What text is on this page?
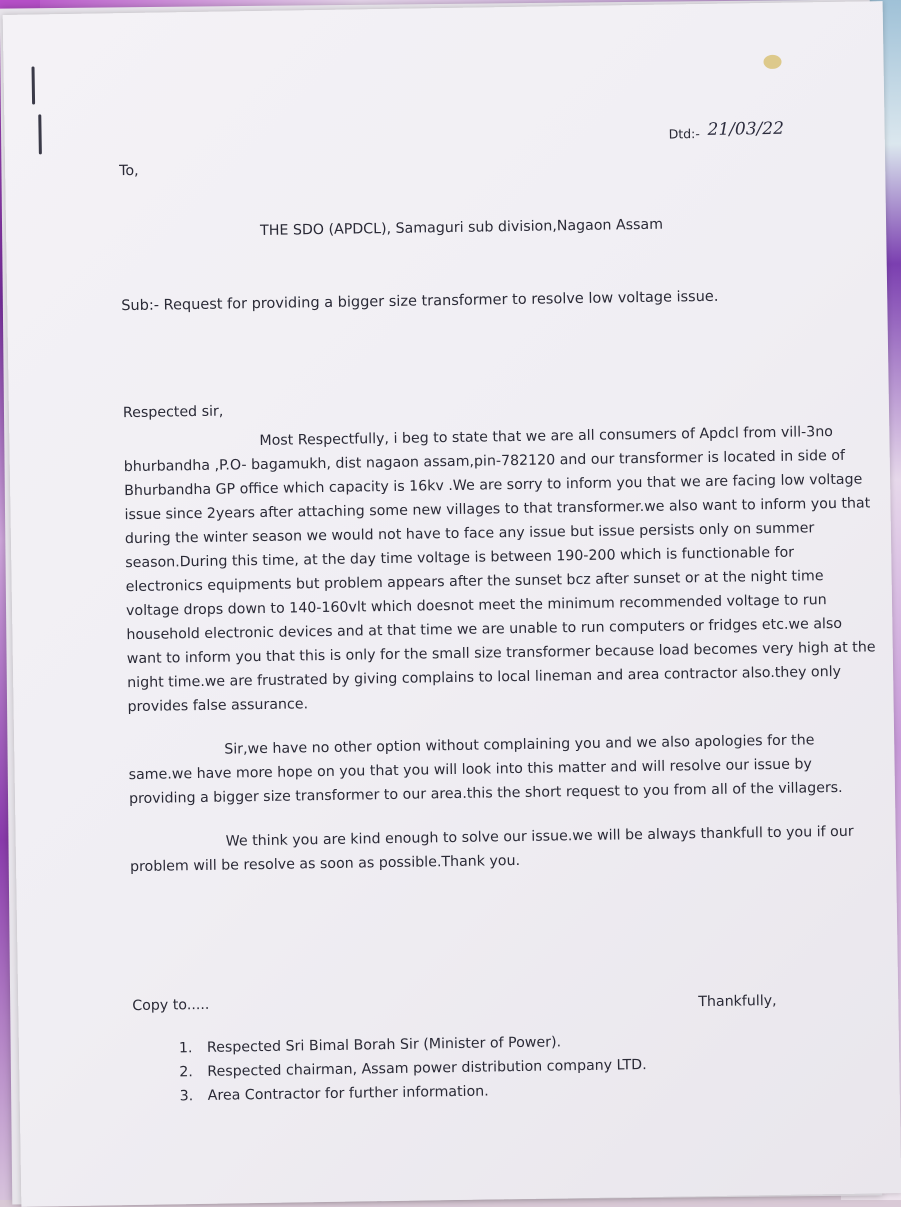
Dtd:- 21/03/22
To,
THE SDO (APDCL), Samaguri sub division,Nagaon Assam
Sub:- Request for providing a bigger size transformer to resolve low voltage issue.
Respected sir,
Most Respectfully, i beg to state that we are all consumers of Apdcl from vill-3no
bhurbandha ,P.O- bagamukh, dist nagaon assam,pin-782120 and our transformer is located in side of
Bhurbandha GP office which capacity is 16kv .We are sorry to inform you that we are facing low voltage
issue since 2years after attaching some new villages to that transformer.we also want to inform you that
during the winter season we would not have to face any issue but issue persists only on summer
season.During this time, at the day time voltage is between 190-200 which is functionable for
electronics equipments but problem appears after the sunset bcz after sunset or at the night time
voltage drops down to 140-160vlt which doesnot meet the minimum recommended voltage to run
household electronic devices and at that time we are unable to run computers or fridges etc.we also
want to inform you that this is only for the small size transformer because load becomes very high at the
night time.we are frustrated by giving complains to local lineman and area contractor also.they only
provides false assurance.
Sir,we have no other option without complaining you and we also apologies for the
same.we have more hope on you that you will look into this matter and will resolve our issue by
providing a bigger size transformer to our area.this the short request to you from all of the villagers.
We think you are kind enough to solve our issue.we will be always thankfull to you if our
problem will be resolve as soon as possible.Thank you.
Copy to.....	Thankfully,
1. Respected Sri Bimal Borah Sir (Minister of Power).
2. Respected chairman, Assam power distribution company LTD.
3. Area Contractor for further information.
